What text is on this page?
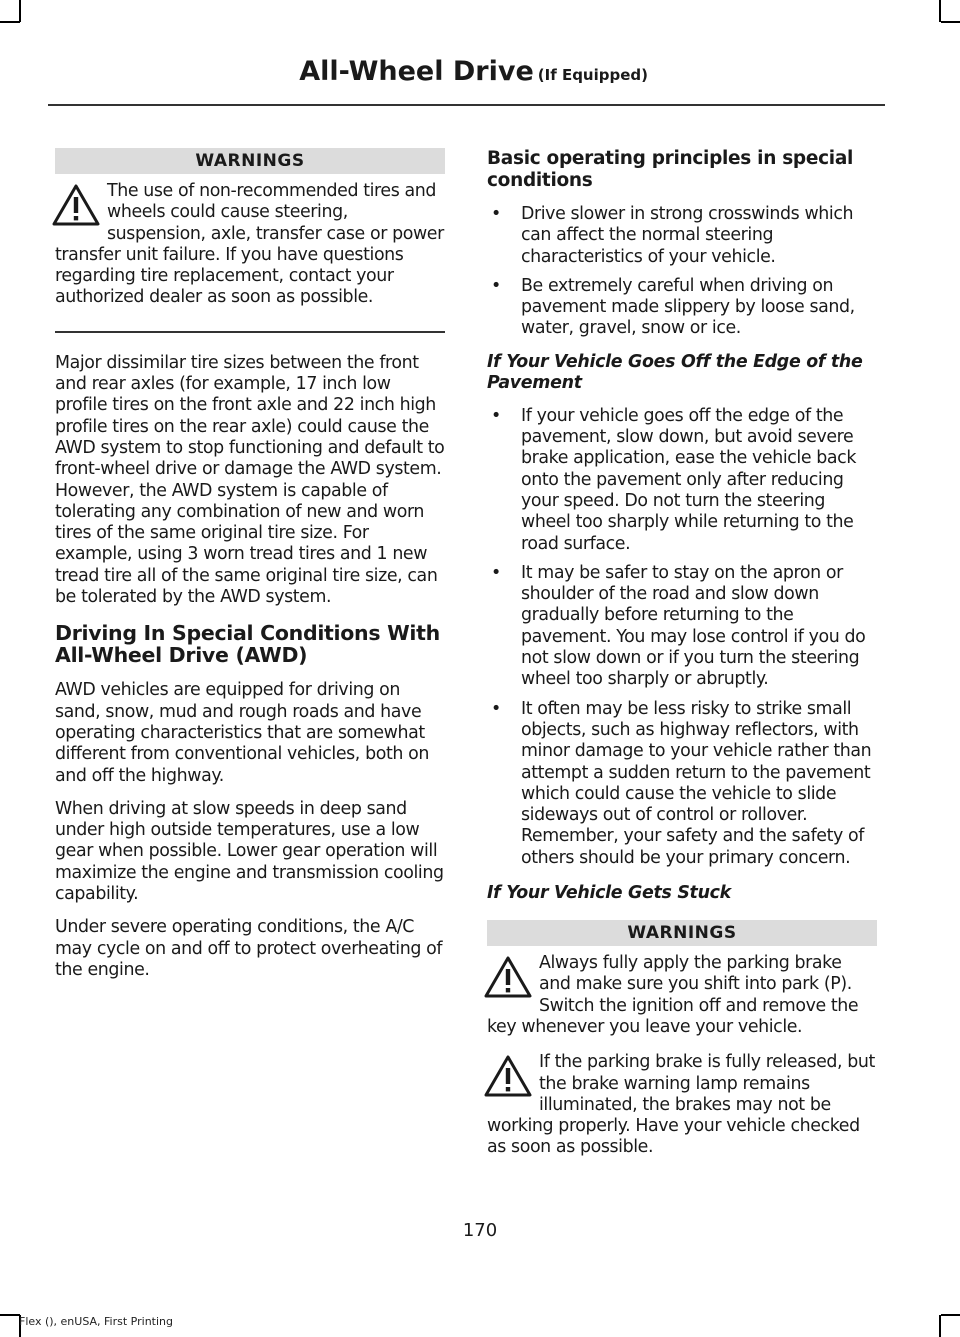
All-Wheel Drive (If Equipped)
WARNINGS

The use of non-recommended tires and wheels could cause steering, suspension, axle, transfer case or power transfer unit failure. If you have questions regarding tire replacement, contact your authorized dealer as soon as possible.

Major dissimilar tire sizes between the front and rear axles (for example, 17 inch low profile tires on the front axle and 22 inch high profile tires on the rear axle) could cause the AWD system to stop functioning and default to front-wheel drive or damage the AWD system. However, the AWD system is capable of tolerating any combination of new and worn tires of the same original tire size. For example, using 3 worn tread tires and 1 new tread tire all of the same original tire size, can be tolerated by the AWD system.

Driving In Special Conditions With All-Wheel Drive (AWD)

AWD vehicles are equipped for driving on sand, snow, mud and rough roads and have operating characteristics that are somewhat different from conventional vehicles, both on and off the highway.

When driving at slow speeds in deep sand under high outside temperatures, use a low gear when possible. Lower gear operation will maximize the engine and transmission cooling capability.

Under severe operating conditions, the A/C may cycle on and off to protect overheating of the engine.

Basic operating principles in special conditions
• Drive slower in strong crosswinds which can affect the normal steering characteristics of your vehicle.
• Be extremely careful when driving on pavement made slippery by loose sand, water, gravel, snow or ice.
If Your Vehicle Goes Off the Edge of the Pavement
• If your vehicle goes off the edge of the pavement, slow down, but avoid severe brake application, ease the vehicle back onto the pavement only after reducing your speed. Do not turn the steering wheel too sharply while returning to the road surface.
• It may be safer to stay on the apron or shoulder of the road and slow down gradually before returning to the pavement. You may lose control if you do not slow down or if you turn the steering wheel too sharply or abruptly.
• It often may be less risky to strike small objects, such as highway reflectors, with minor damage to your vehicle rather than attempt a sudden return to the pavement which could cause the vehicle to slide sideways out of control or rollover. Remember, your safety and the safety of others should be your primary concern.
If Your Vehicle Gets Stuck
WARNINGS

Always fully apply the parking brake and make sure you shift into park (P). Switch the ignition off and remove the key whenever you leave your vehicle.

If the parking brake is fully released, but the brake warning lamp remains illuminated, the brakes may not be working properly. Have your vehicle checked as soon as possible.

170
Flex (), enUSA, First Printing
